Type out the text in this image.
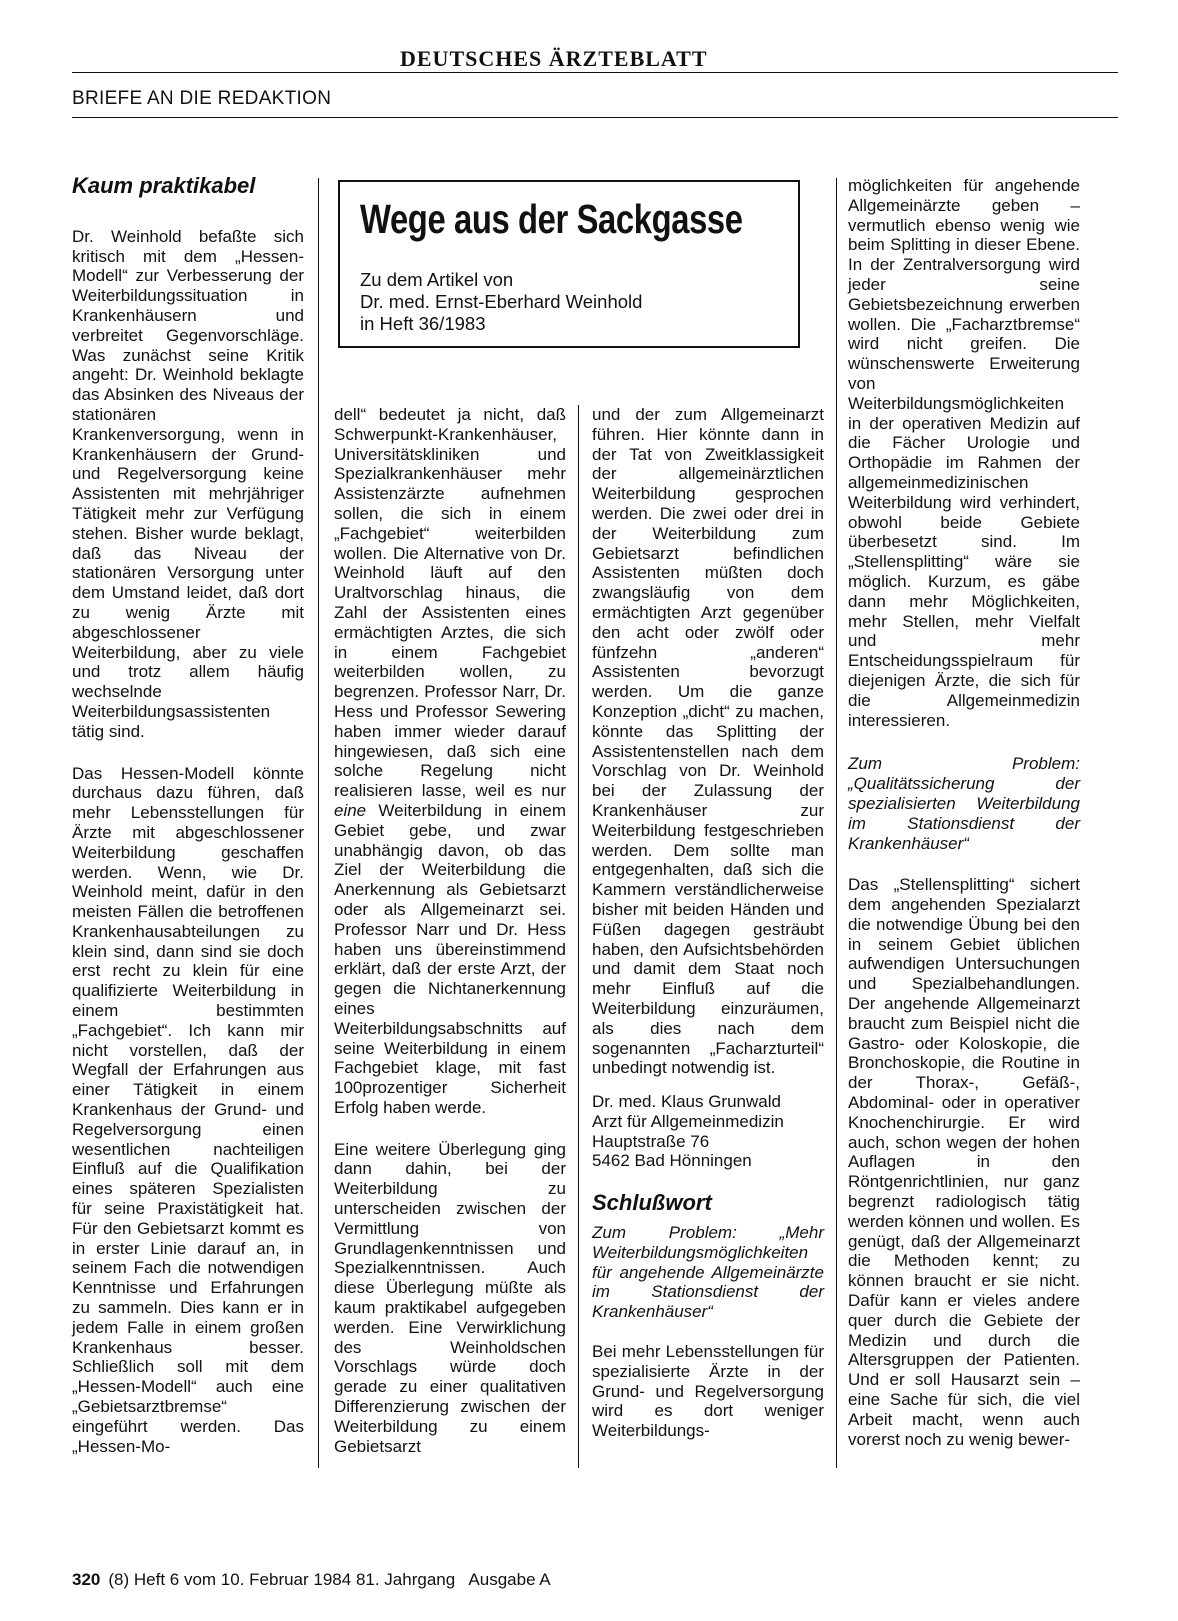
DEUTSCHES ÄRZTEBLATT
BRIEFE AN DIE REDAKTION
Kaum praktikabel

Dr. Weinhold befaßte sich kritisch mit dem „Hessen-Modell“ zur Verbesserung der Weiterbildungssituation in Krankenhäusern und verbreitet Gegenvorschläge. Was zunächst seine Kritik angeht: Dr. Weinhold beklagte das Absinken des Niveaus der stationären Krankenversorgung, wenn in Krankenhäusern der Grund- und Regelversorgung keine Assistenten mit mehrjähriger Tätigkeit mehr zur Verfügung stehen. Bisher wurde beklagt, daß das Niveau der stationären Versorgung unter dem Umstand leidet, daß dort zu wenig Ärzte mit abgeschlossener Weiterbildung, aber zu viele und trotz allem häufig wechselnde Weiterbildungsassistenten tätig sind.

Das Hessen-Modell könnte durchaus dazu führen, daß mehr Lebensstellungen für Ärzte mit abgeschlossener Weiterbildung geschaffen werden. Wenn, wie Dr. Weinhold meint, dafür in den meisten Fällen die betroffenen Krankenhausabteilungen zu klein sind, dann sind sie doch erst recht zu klein für eine qualifizierte Weiterbildung in einem bestimmten „Fachgebiet“. Ich kann mir nicht vorstellen, daß der Wegfall der Erfahrungen aus einer Tätigkeit in einem Krankenhaus der Grund- und Regelversorgung einen wesentlichen nachteiligen Einfluß auf die Qualifikation eines späteren Spezialisten für seine Praxistätigkeit hat. Für den Gebietsarzt kommt es in erster Linie darauf an, in seinem Fach die notwendigen Kenntnisse und Erfahrungen zu sammeln. Dies kann er in jedem Falle in einem großen Krankenhaus besser. Schließlich soll mit dem „Hessen-Modell“ auch eine „Gebietsarztbremse“ eingeführt werden. Das „Hessen-Mo-

Wege aus der Sackgasse
Zu dem Artikel von
Dr. med. Ernst-Eberhard Weinhold
in Heft 36/1983

dell“ bedeutet ja nicht, daß Schwerpunkt-Krankenhäuser, Universitätskliniken und Spezialkrankenhäuser mehr Assistenzärzte aufnehmen sollen, die sich in einem „Fachgebiet“ weiterbilden wollen. Die Alternative von Dr. Weinhold läuft auf den Uraltvorschlag hinaus, die Zahl der Assistenten eines ermächtigten Arztes, die sich in einem Fachgebiet weiterbilden wollen, zu begrenzen. Professor Narr, Dr. Hess und Professor Sewering haben immer wieder darauf hingewiesen, daß sich eine solche Regelung nicht realisieren lasse, weil es nur eine Weiterbildung in einem Gebiet gebe, und zwar unabhängig davon, ob das Ziel der Weiterbildung die Anerkennung als Gebietsarzt oder als Allgemeinarzt sei. Professor Narr und Dr. Hess haben uns übereinstimmend erklärt, daß der erste Arzt, der gegen die Nichtanerkennung eines Weiterbildungsabschnitts auf seine Weiterbildung in einem Fachgebiet klage, mit fast 100prozentiger Sicherheit Erfolg haben werde.

Eine weitere Überlegung ging dann dahin, bei der Weiterbildung zu unterscheiden zwischen der Vermittlung von Grundlagenkenntnissen und Spezialkenntnissen. Auch diese Überlegung müßte als kaum praktikabel aufgegeben werden. Eine Verwirklichung des Weinholdschen Vorschlags würde doch gerade zu einer qualitativen Differenzierung zwischen der Weiterbildung zu einem Gebietsarzt

und der zum Allgemeinarzt führen. Hier könnte dann in der Tat von Zweitklassigkeit der allgemeinärztlichen Weiterbildung gesprochen werden. Die zwei oder drei in der Weiterbildung zum Gebietsarzt befindlichen Assistenten müßten doch zwangsläufig von dem ermächtigten Arzt gegenüber den acht oder zwölf oder fünfzehn „anderen“ Assistenten bevorzugt werden. Um die ganze Konzeption „dicht“ zu machen, könnte das Splitting der Assistentenstellen nach dem Vorschlag von Dr. Weinhold bei der Zulassung der Krankenhäuser zur Weiterbildung festgeschrieben werden. Dem sollte man entgegenhalten, daß sich die Kammern verständlicherweise bisher mit beiden Händen und Füßen dagegen gesträubt haben, den Aufsichtsbehörden und damit dem Staat noch mehr Einfluß auf die Weiterbildung einzuräumen, als dies nach dem sogenannten „Facharzturteil“ unbedingt notwendig ist.

Dr. med. Klaus Grunwald
Arzt für Allgemeinmedizin
Hauptstraße 76
5462 Bad Hönningen
Schlußwort

Zum Problem: „Mehr Weiterbildungsmöglichkeiten für angehende Allgemeinärzte im Stationsdienst der Krankenhäuser“

Bei mehr Lebensstellungen für spezialisierte Ärzte in der Grund- und Regelversorgung wird es dort weniger Weiterbildungs-

möglichkeiten für angehende Allgemeinärzte geben – vermutlich ebenso wenig wie beim Splitting in dieser Ebene. In der Zentralversorgung wird jeder seine Gebietsbezeichnung erwerben wollen. Die „Facharztbremse“ wird nicht greifen. Die wünschenswerte Erweiterung von Weiterbildungsmöglichkeiten in der operativen Medizin auf die Fächer Urologie und Orthopädie im Rahmen der allgemeinmedizinischen Weiterbildung wird verhindert, obwohl beide Gebiete überbesetzt sind. Im „Stellensplitting“ wäre sie möglich. Kurzum, es gäbe dann mehr Möglichkeiten, mehr Stellen, mehr Vielfalt und mehr Entscheidungsspielraum für diejenigen Ärzte, die sich für die Allgemeinmedizin interessieren.

Zum Problem: „Qualitätssicherung der spezialisierten Weiterbildung im Stationsdienst der Krankenhäuser“

Das „Stellensplitting“ sichert dem angehenden Spezialarzt die notwendige Übung bei den in seinem Gebiet üblichen aufwendigen Untersuchungen und Spezialbehandlungen. Der angehende Allgemeinarzt braucht zum Beispiel nicht die Gastro- oder Koloskopie, die Bronchoskopie, die Routine in der Thorax-, Gefäß-, Abdominal- oder in operativer Knochenchirurgie. Er wird auch, schon wegen der hohen Auflagen in den Röntgenrichtlinien, nur ganz begrenzt radiologisch tätig werden können und wollen. Es genügt, daß der Allgemeinarzt die Methoden kennt; zu können braucht er sie nicht. Dafür kann er vieles andere quer durch die Gebiete der Medizin und durch die Altersgruppen der Patienten. Und er soll Hausarzt sein – eine Sache für sich, die viel Arbeit macht, wenn auch vorerst noch zu wenig bewer-

320 (8) Heft 6 vom 10. Februar 1984 81. Jahrgang   Ausgabe A
